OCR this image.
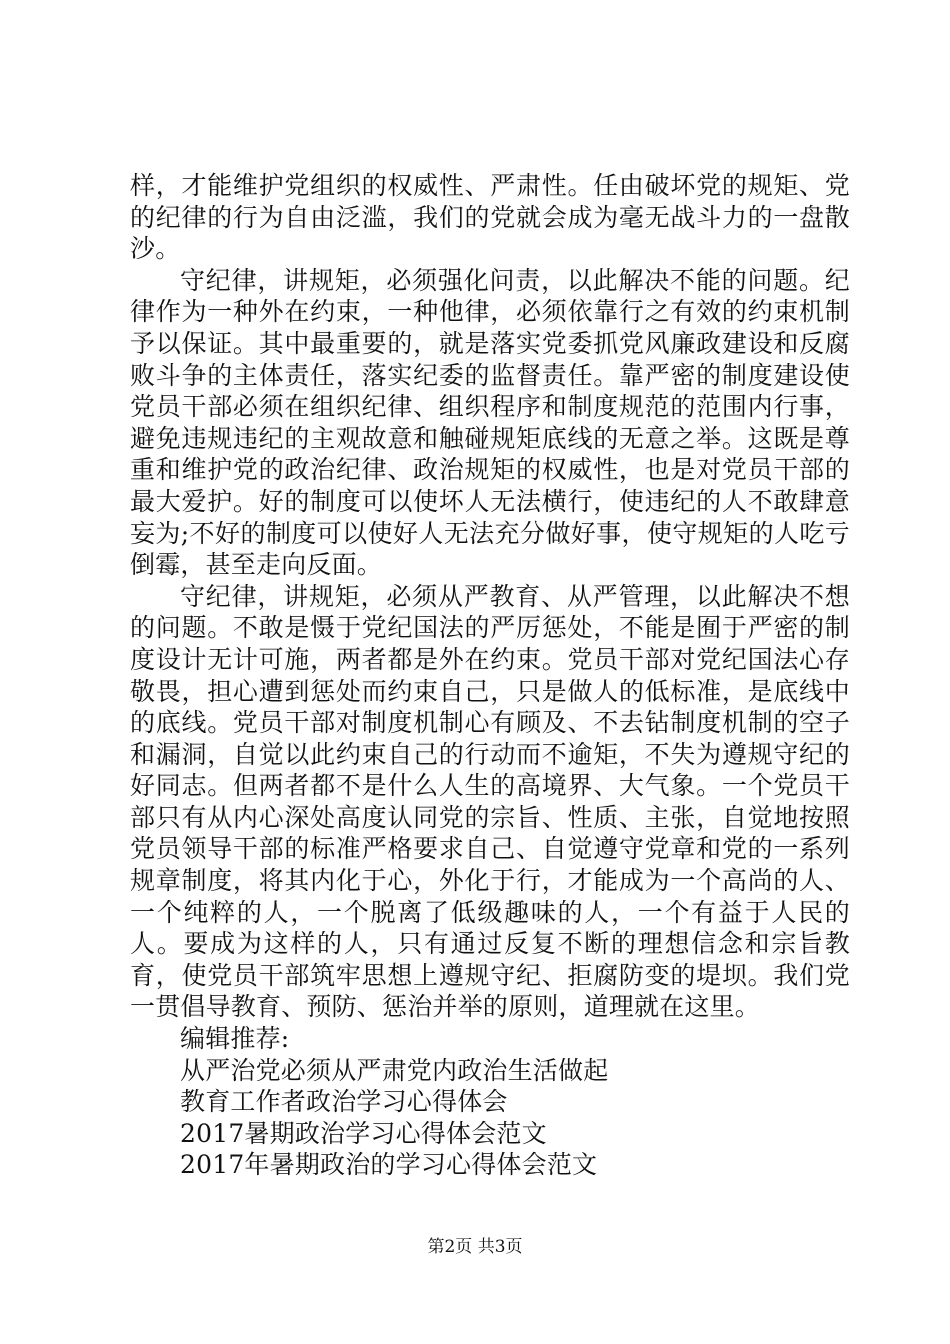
样，才能维护党组织的权威性、严肃性。任由破坏党的规矩、党的纪律的行为自由泛滥，我们的党就会成为毫无战斗力的一盘散沙。

守纪律，讲规矩，必须强化问责，以此解决不能的问题。纪律作为一种外在约束，一种他律，必须依靠行之有效的约束机制予以保证。其中最重要的，就是落实党委抓党风廉政建设和反腐败斗争的主体责任，落实纪委的监督责任。靠严密的制度建设使党员干部必须在组织纪律、组织程序和制度规范的范围内行事，避免违规违纪的主观故意和触碰规矩底线的无意之举。这既是尊重和维护党的政治纪律、政治规矩的权威性，也是对党员干部的最大爱护。好的制度可以使坏人无法横行，使违纪的人不敢肆意妄为;不好的制度可以使好人无法充分做好事，使守规矩的人吃亏倒霉，甚至走向反面。

守纪律，讲规矩，必须从严教育、从严管理，以此解决不想的问题。不敢是慑于党纪国法的严厉惩处，不能是囿于严密的制度设计无计可施，两者都是外在约束。党员干部对党纪国法心存敬畏，担心遭到惩处而约束自己，只是做人的低标准，是底线中的底线。党员干部对制度机制心有顾及、不去钻制度机制的空子和漏洞，自觉以此约束自己的行动而不逾矩，不失为遵规守纪的好同志。但两者都不是什么人生的高境界、大气象。一个党员干部只有从内心深处高度认同党的宗旨、性质、主张，自觉地按照党员领导干部的标准严格要求自己、自觉遵守党章和党的一系列规章制度，将其内化于心，外化于行，才能成为一个高尚的人、一个纯粹的人，一个脱离了低级趣味的人，一个有益于人民的人。要成为这样的人，只有通过反复不断的理想信念和宗旨教育，使党员干部筑牢思想上遵规守纪、拒腐防变的堤坝。我们党一贯倡导教育、预防、惩治并举的原则，道理就在这里。

编辑推荐:
从严治党必须从严肃党内政治生活做起
教育工作者政治学习心得体会
2017暑期政治学习心得体会范文
2017年暑期政治的学习心得体会范文
第2页 共3页
